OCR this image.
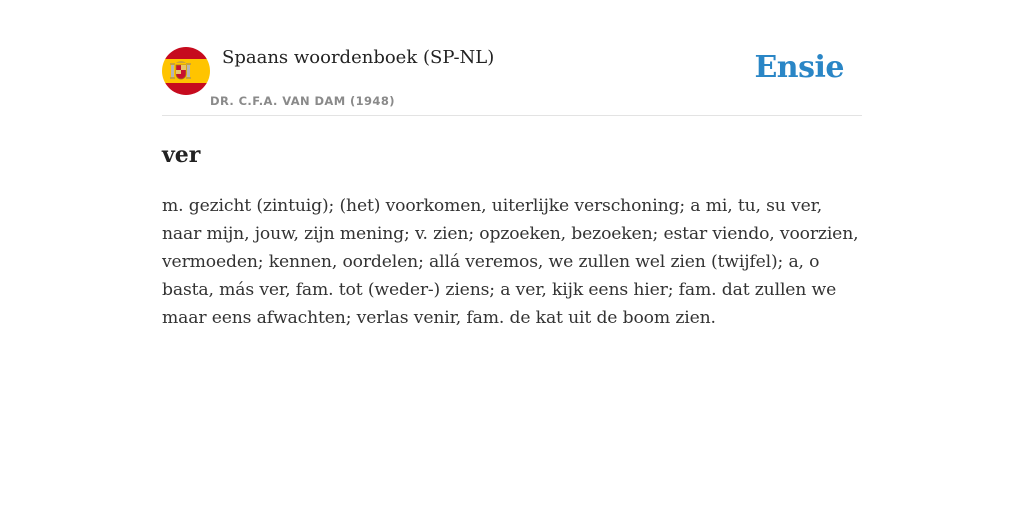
Spaans woordenboek (SP-NL)
DR. C.F.A. VAN DAM (1948)
Ensie
ver

m. gezicht (zintuig); (het) voorkomen, uiterlijke verschoning; a mi, tu, su ver, naar mijn, jouw, zijn mening; v. zien; opzoeken, bezoeken; estar viendo, voorzien, vermoeden; kennen, oordelen; allá veremos, we zullen wel zien (twijfel); a, o basta, más ver, fam. tot (weder-) ziens; a ver, kijk eens hier; fam. dat zullen we maar eens afwachten; verlas venir, fam. de kat uit de boom zien.
